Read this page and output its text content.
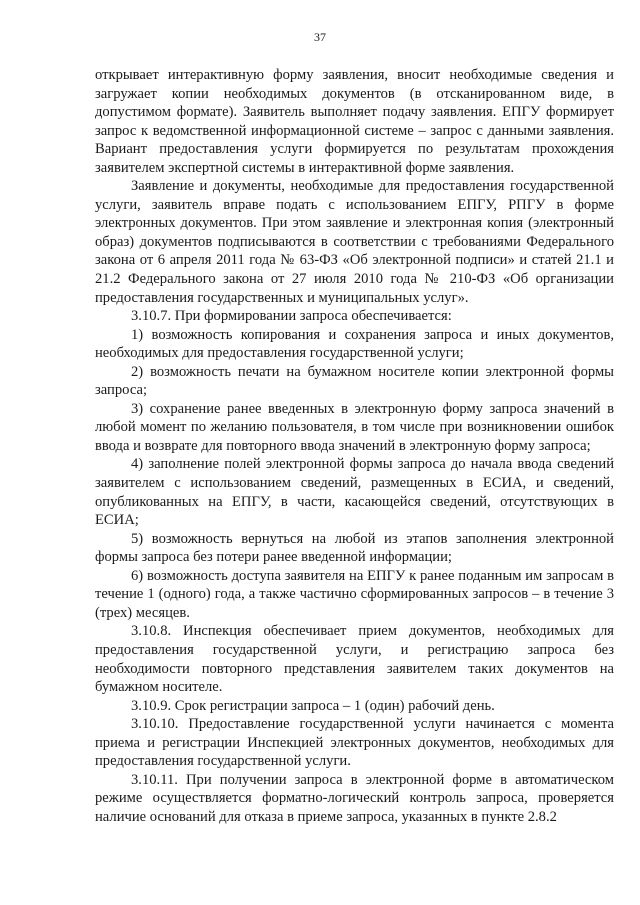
37

открывает интерактивную форму заявления, вносит необходимые сведения и загружает копии необходимых документов (в отсканированном виде, в допустимом формате). Заявитель выполняет подачу заявления. ЕПГУ формирует запрос к ведомственной информационной системе – запрос с данными заявления. Вариант предоставления услуги формируется по результатам прохождения заявителем экспертной системы в интерактивной форме заявления.

Заявление и документы, необходимые для предоставления государственной услуги, заявитель вправе подать с использованием ЕПГУ, РПГУ в форме электронных документов. При этом заявление и электронная копия (электронный образ) документов подписываются в соответствии с требованиями Федерального закона от 6 апреля 2011 года № 63-ФЗ «Об электронной подписи» и статей 21.1 и 21.2 Федерального закона от 27 июля 2010 года № 210-ФЗ «Об организации предоставления государственных и муниципальных услуг».

3.10.7. При формировании запроса обеспечивается:

1) возможность копирования и сохранения запроса и иных документов, необходимых для предоставления государственной услуги;

2) возможность печати на бумажном носителе копии электронной формы запроса;

3) сохранение ранее введенных в электронную форму запроса значений в любой момент по желанию пользователя, в том числе при возникновении ошибок ввода и возврате для повторного ввода значений в электронную форму запроса;

4) заполнение полей электронной формы запроса до начала ввода сведений заявителем с использованием сведений, размещенных в ЕСИА, и сведений, опубликованных на ЕПГУ, в части, касающейся сведений, отсутствующих в ЕСИА;

5) возможность вернуться на любой из этапов заполнения электронной формы запроса без потери ранее введенной информации;

6) возможность доступа заявителя на ЕПГУ к ранее поданным им запросам в течение 1 (одного) года, а также частично сформированных запросов – в течение 3 (трех) месяцев.

3.10.8. Инспекция обеспечивает прием документов, необходимых для предоставления государственной услуги, и регистрацию запроса без необходимости повторного представления заявителем таких документов на бумажном носителе.

3.10.9. Срок регистрации запроса – 1 (один) рабочий день.

3.10.10. Предоставление государственной услуги начинается с момента приема и регистрации Инспекцией электронных документов, необходимых для предоставления государственной услуги.

3.10.11. При получении запроса в электронной форме в автоматическом режиме осуществляется форматно-логический контроль запроса, проверяется наличие оснований для отказа в приеме запроса, указанных в пункте 2.8.2
